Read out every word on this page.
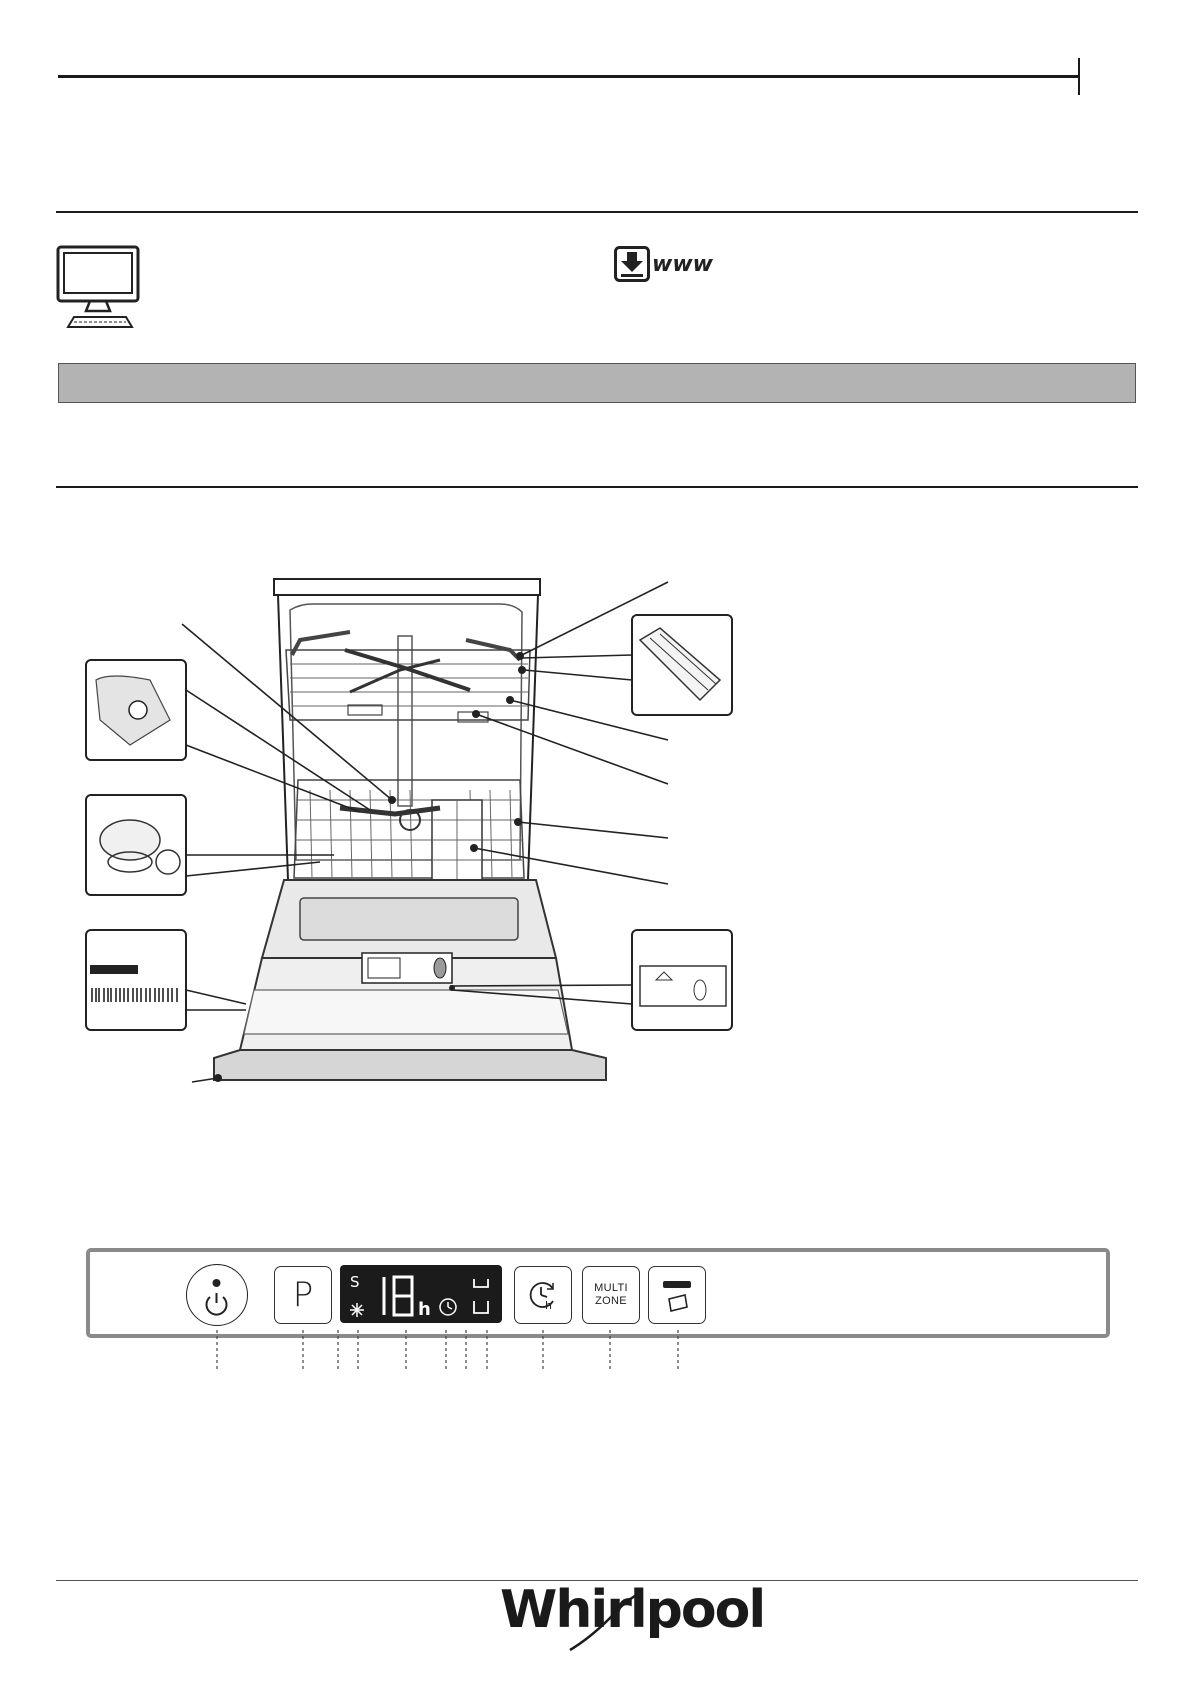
www
P S
h	h
MULTI
ZONE
Whirlpool
